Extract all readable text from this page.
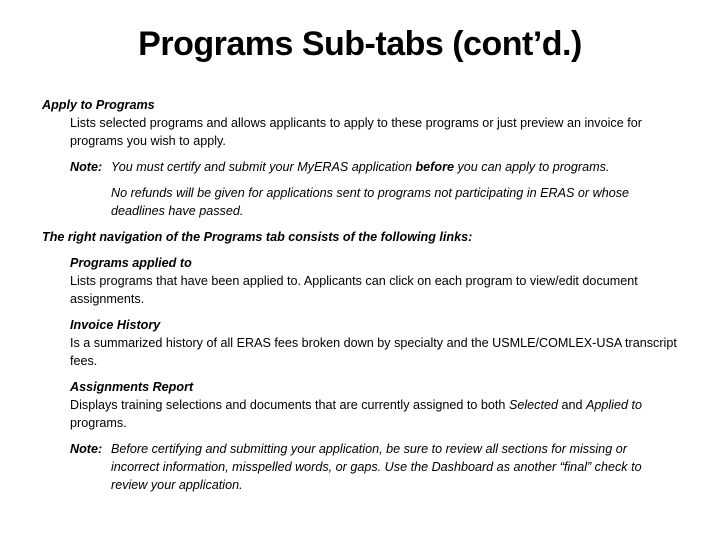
Programs Sub-tabs (cont’d.)
Apply to Programs
Lists selected programs and allows applicants to apply to these programs or just preview an invoice for
programs you wish to apply.
Note: You must certify and submit your MyERAS application before you can apply to programs.
No refunds will be given for applications sent to programs not participating in ERAS or whose
deadlines have passed.
The right navigation of the Programs tab consists of the following links:
Programs applied to
Lists programs that have been applied to. Applicants can click on each program to view/edit document
assignments.
Invoice History
Is a summarized history of all ERAS fees broken down by specialty and the USMLE/COMLEX-USA transcript
fees.
Assignments Report
Displays training selections and documents that are currently assigned to both Selected and Applied to
programs.
Note: Before certifying and submitting your application, be sure to review all sections for missing or
incorrect information, misspelled words, or gaps. Use the Dashboard as another “final” check to
review your application.
